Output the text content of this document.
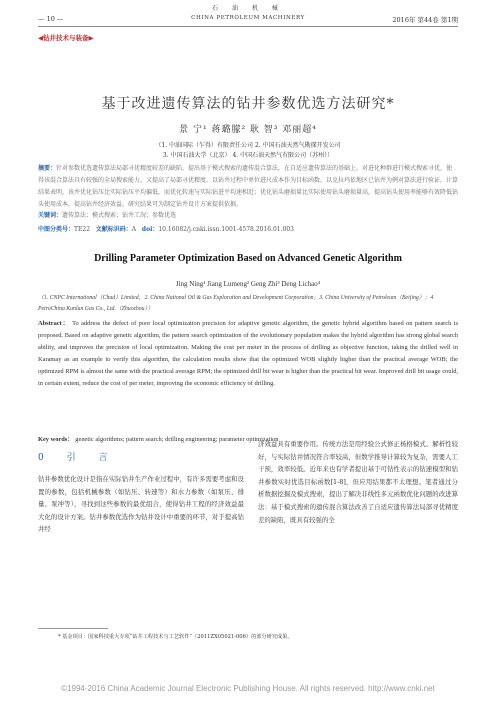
石 油 机 械
— 10 —	CHINA PETROLEUM MACHINERY	2016年 第44卷 第1期
◀钻井技术与装备▶
基于改进遗传算法的钻井参数优选方法研究*
景 宁¹ 蒋璐朦² 耿 智³ 邓丽超⁴
（1. 中油国际（乍得）有限责任公司 2. 中国石油天然气勘探开发公司
3. 中国石油大学（北京） 4. 中国石油天然气有限公司（苏州））
摘要：针对参数优选遗传算法局部寻优精度较差的缺陷，提出基于模式搜索的遗传混合算法，在自适应遗传算法的基础上，对进化种群进行模式搜索寻优，使得该混合算法具有较强的全局搜索能力，又提高了局部寻优精度。以钻井过程中单位进尺成本作为目标函数，以克拉玛依地区已钻井为例对算法进行验证，计算结果表明，该井优化钻压比实际钻压平均偏低，而优化转速与实际钻进平均速相近；优化钻头磨损量比实际使用钻头磨损量高，提高钻头使用率能够有效降低钻头使用成本，提高钻井经济效益。研究结果可为制定钻井设计方案提供依据。
关键词：遗传算法；模式搜索；钻井工况；参数优选
中图分类号：TE22 文献标识码：A doi：10.16082/j.cnki.issn.1001-4578.2016.01.003
Drilling Parameter Optimization Based on Advanced Genetic Algorithm
Jing Ning¹ Jiang Lumeng² Geng Zhi³ Deng Lichao⁴
（1. CNPC International（Chad）Limited，2. China National Oil & Gas Exploration and Development Corporation；3. China University of Petroleum（Beijing）；4 PetroChina Kunlun Gas Co., Ltd.（Zhuozhou））
Abstract： To address the defect of poor local optimization precision for adaptive genetic algorithm, the genetic hybrid algorithm based on pattern search is proposed. Based on adaptive genetic algorithm, the pattern search optimization of the evolutionary population makes the hybrid algorithm has strong global search ability, and improves the precision of local optimization. Making the cost per meter in the process of drilling as objective function, taking the drilled well in Karamay as an example to verify this algorithm, the calculation results show that the optimized WOB slightly higher than the practical average WOB; the optimized RPM is almost the same with the practical average RPM; the optimized drill bit wear is higher than the practical bit wear. Improved drill bit usage could, in certain extent, reduce the cost of per meter, improving the economic efficiency of drilling.
Key words： genetic algorithms; pattern search; drilling engineering; parameter optimization
0 引 言
钻井参数优化设计是指在实际钻井生产作业过程中，有许多需要考虑和设置的参数，包括机械参数（如钻压、转速等）和水力参数（如泵压、排量、泵冲等），寻找到这些参数的最优组合，使得钻井工程的经济效益最大化的设计方案。钻井参数优选作为钻井设计中重要的环节，对于提高钻井经
济效益具有重要作用。传统方法是用经验公式修正杨格模式、解析性较好，与实际钻井情况符合率较高，但数学推导计算较为复杂，需要人工干预，效率较低。近年来也有学者提出基于可钻性表示的钻速模型和钻井参数实时优选目标函数[1-8]，但应用结果都不太理想。笔者通过分析数据挖掘及模式搜索，提出了解决非线性多元函数优化问题的改进算法：基于模式搜索的遗传混合算法改善了自适应遗传算法局部寻优精度差的缺陷，既具有较强的全
* 基金项目：国家科技重大专项“钻井工程技术与工艺软件”（2011ZX05021-006）的部分研究成果。
©1994-2016 China Academic Journal Electronic Publishing House. All rights reserved. http://www.cnki.net
